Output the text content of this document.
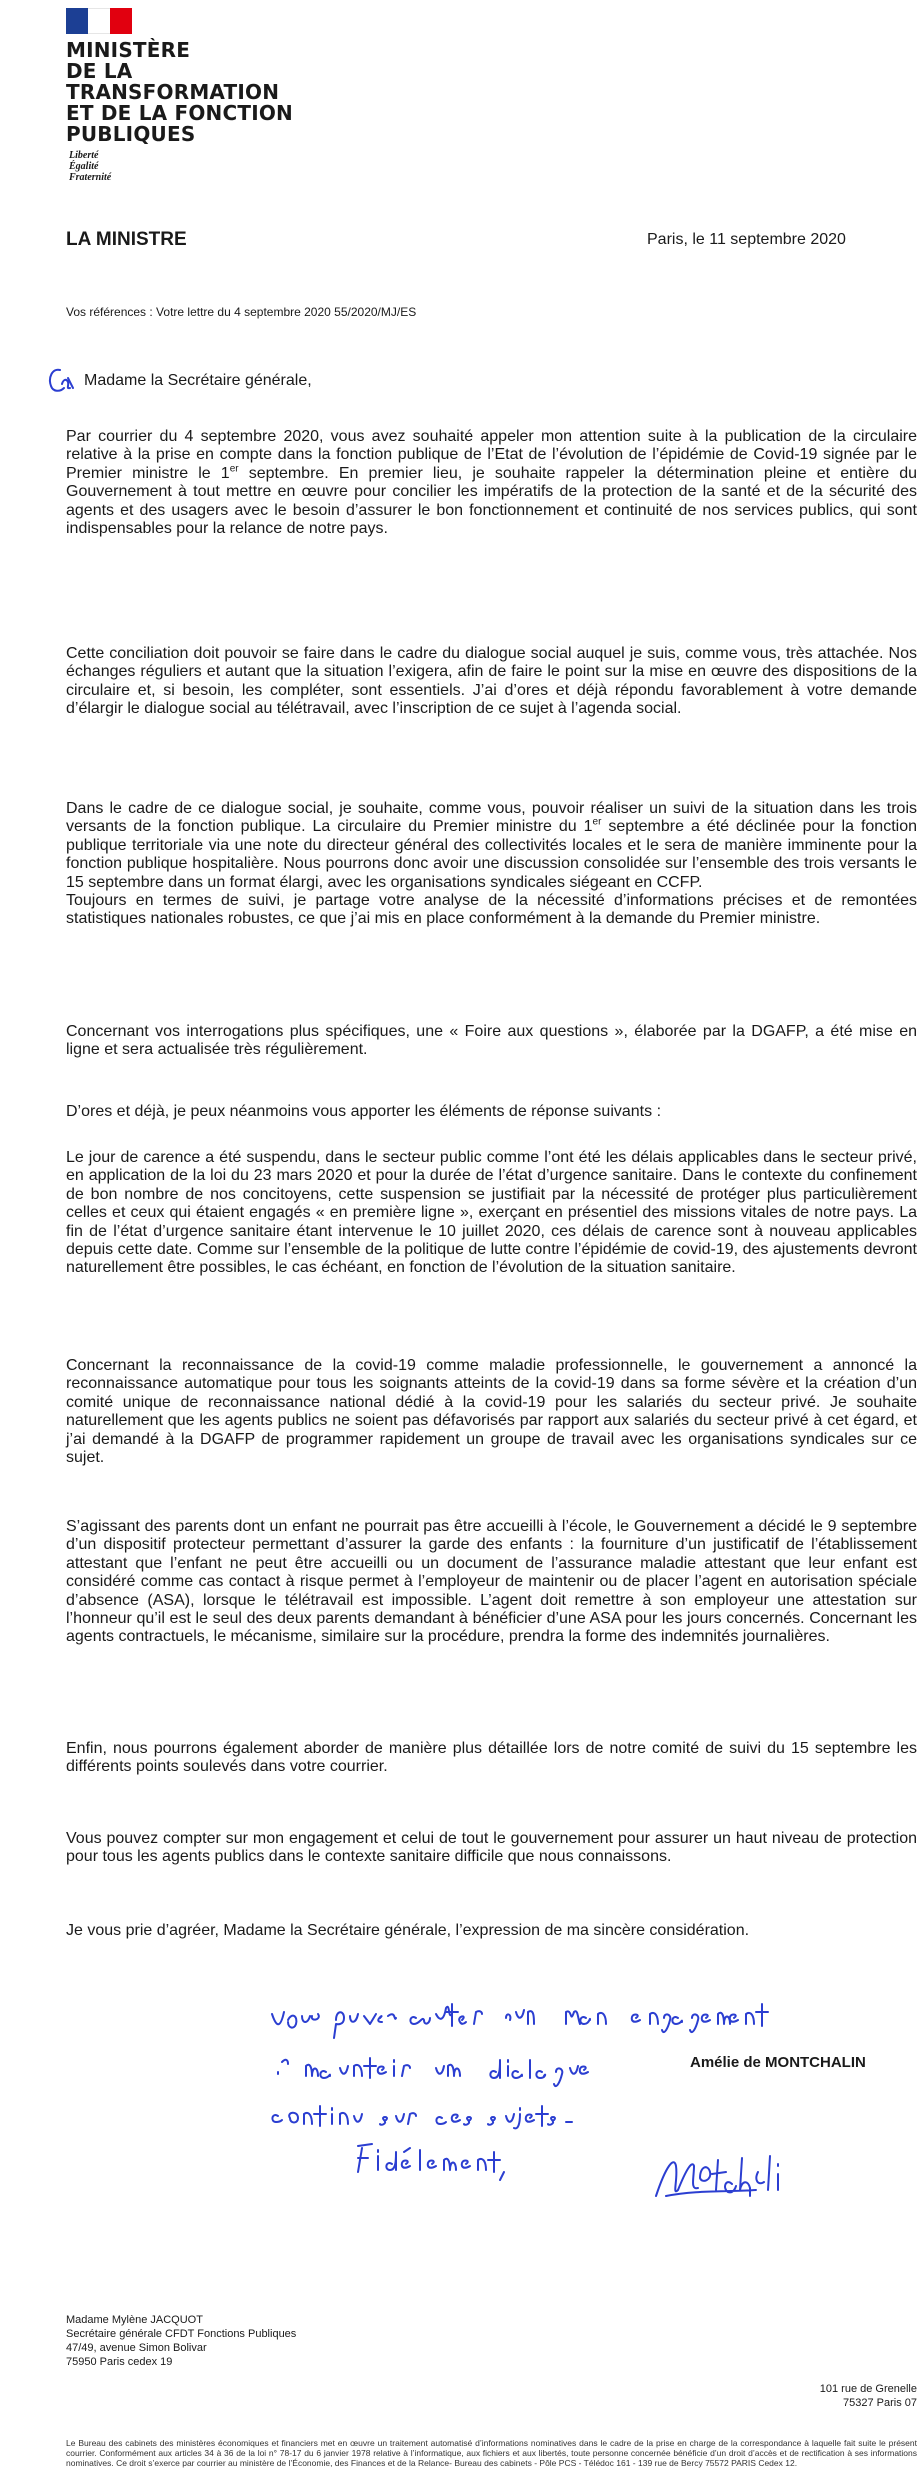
MINISTÈRE
DE LA TRANSFORMATION
ET DE LA FONCTION
PUBLIQUES
Liberté
Égalité
Fraternité
LA MINISTRE	Paris, le 11 septembre 2020
Vos références : Votre lettre du 4 septembre 2020 55/2020/MJ/ES
Madame la Secrétaire générale,

Par courrier du 4 septembre 2020, vous avez souhaité appeler mon attention suite à la publication de la circulaire relative à la prise en compte dans la fonction publique de l’Etat de l’évolution de l’épidémie de Covid-19 signée par le Premier ministre le 1er septembre. En premier lieu, je souhaite rappeler la détermination pleine et entière du Gouvernement à tout mettre en œuvre pour concilier les impératifs de la protection de la santé et de la sécurité des agents et des usagers avec le besoin d’assurer le bon fonctionnement et continuité de nos services publics, qui sont indispensables pour la relance de notre pays.

Cette conciliation doit pouvoir se faire dans le cadre du dialogue social auquel je suis, comme vous, très attachée. Nos échanges réguliers et autant que la situation l’exigera, afin de faire le point sur la mise en œuvre des dispositions de la circulaire et, si besoin, les compléter, sont essentiels. J’ai d’ores et déjà répondu favorablement à votre demande d’élargir le dialogue social au télétravail, avec l’inscription de ce sujet à l’agenda social.

Dans le cadre de ce dialogue social, je souhaite, comme vous, pouvoir réaliser un suivi de la situation dans les trois versants de la fonction publique. La circulaire du Premier ministre du 1er septembre a été déclinée pour la fonction publique territoriale via une note du directeur général des collectivités locales et le sera de manière imminente pour la fonction publique hospitalière. Nous pourrons donc avoir une discussion consolidée sur l’ensemble des trois versants le 15 septembre dans un format élargi, avec les organisations syndicales siégeant en CCFP.
Toujours en termes de suivi, je partage votre analyse de la nécessité d’informations précises et de remontées statistiques nationales robustes, ce que j’ai mis en place conformément à la demande du Premier ministre.

Concernant vos interrogations plus spécifiques, une « Foire aux questions », élaborée par la DGAFP, a été mise en ligne et sera actualisée très régulièrement.

D’ores et déjà, je peux néanmoins vous apporter les éléments de réponse suivants :

Le jour de carence a été suspendu, dans le secteur public comme l’ont été les délais applicables dans le secteur privé, en application de la loi du 23 mars 2020 et pour la durée de l’état d’urgence sanitaire. Dans le contexte du confinement de bon nombre de nos concitoyens, cette suspension se justifiait par la nécessité de protéger plus particulièrement celles et ceux qui étaient engagés « en première ligne », exerçant en présentiel des missions vitales de notre pays. La fin de l’état d’urgence sanitaire étant intervenue le 10 juillet 2020, ces délais de carence sont à nouveau applicables depuis cette date. Comme sur l’ensemble de la politique de lutte contre l’épidémie de covid-19, des ajustements devront naturellement être possibles, le cas échéant, en fonction de l’évolution de la situation sanitaire.

Concernant la reconnaissance de la covid-19 comme maladie professionnelle, le gouvernement a annoncé la reconnaissance automatique pour tous les soignants atteints de la covid-19 dans sa forme sévère et la création d’un comité unique de reconnaissance national dédié à la covid-19 pour les salariés du secteur privé. Je souhaite naturellement que les agents publics ne soient pas défavorisés par rapport aux salariés du secteur privé à cet égard, et j’ai demandé à la DGAFP de programmer rapidement un groupe de travail avec les organisations syndicales sur ce sujet.

S’agissant des parents dont un enfant ne pourrait pas être accueilli à l’école, le Gouvernement a décidé le 9 septembre d’un dispositif protecteur permettant d’assurer la garde des enfants : la fourniture d’un justificatif de l’établissement attestant que l’enfant ne peut être accueilli ou un document de l’assurance maladie attestant que leur enfant est considéré comme cas contact à risque permet à l’employeur de maintenir ou de placer l’agent en autorisation spéciale d’absence (ASA), lorsque le télétravail est impossible. L’agent doit remettre à son employeur une attestation sur l’honneur qu’il est le seul des deux parents demandant à bénéficier d’une ASA pour les jours concernés. Concernant les agents contractuels, le mécanisme, similaire sur la procédure, prendra la forme des indemnités journalières.

Enfin, nous pourrons également aborder de manière plus détaillée lors de notre comité de suivi du 15 septembre les différents points soulevés dans votre courrier.

Vous pouvez compter sur mon engagement et celui de tout le gouvernement pour assurer un haut niveau de protection pour tous les agents publics dans le contexte sanitaire difficile que nous connaissons.

Je vous prie d’agréer, Madame la Secrétaire générale, l’expression de ma sincère considération.

Amélie de MONTCHALIN
Madame Mylène JACQUOT
Secrétaire générale CFDT Fonctions Publiques
47/49, avenue Simon Bolivar
75950 Paris cedex 19
101 rue de Grenelle
75327 Paris 07
Le Bureau des cabinets des ministères économiques et financiers met en œuvre un traitement automatisé d’informations nominatives dans le cadre de la prise en charge de la correspondance à laquelle fait suite le présent courrier. Conformément aux articles 34 à 36 de la loi n° 78-17 du 6 janvier 1978 relative à l’informatique, aux fichiers et aux libertés, toute personne concernée bénéficie d’un droit d’accès et de rectification à ses informations nominatives. Ce droit s’exerce par courrier au ministère de l’Économie, des Finances et de la Relance- Bureau des cabinets - Pôle PCS - Télédoc 161 - 139 rue de Bercy 75572 PARIS Cedex 12.
